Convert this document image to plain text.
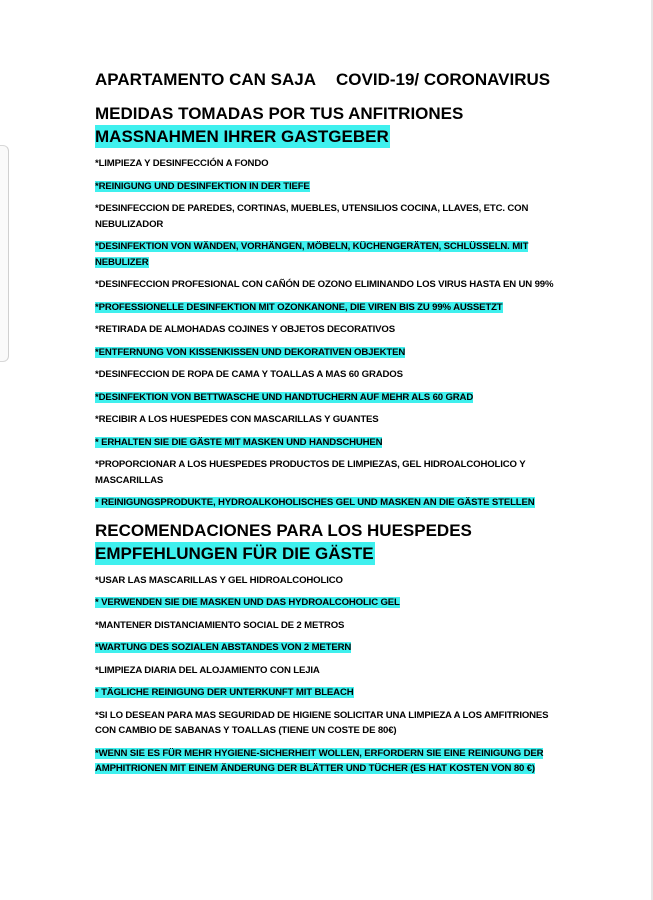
APARTAMENTO CAN SAJA COVID-19/ CORONAVIRUS

MEDIDAS TOMADAS POR TUS ANFITRIONES

MASSNAHMEN IHRER GASTGEBER

*LIMPIEZA Y DESINFECCIÓN A FONDO

*REINIGUNG UND DESINFEKTION IN DER TIEFE

*DESINFECCION DE PAREDES, CORTINAS, MUEBLES, UTENSILIOS COCINA, LLAVES, ETC. CON NEBULIZADOR

*DESINFEKTION VON WÄNDEN, VORHÄNGEN, MÖBELN, KÜCHENGERÄTEN, SCHLÜSSELN. MIT NEBULIZER

*DESINFECCION PROFESIONAL CON CAÑÓN DE OZONO ELIMINANDO LOS VIRUS HASTA EN UN 99%

*PROFESSIONELLE DESINFEKTION MIT OZONKANONE, DIE VIREN BIS ZU 99% AUSSETZT

*RETIRADA DE ALMOHADAS COJINES Y OBJETOS DECORATIVOS

*ENTFERNUNG VON KISSENKISSEN UND DEKORATIVEN OBJEKTEN

*DESINFECCION DE ROPA DE CAMA Y TOALLAS A MAS 60 GRADOS

*DESINFEKTION VON BETTWASCHE UND HANDTUCHERN AUF MEHR ALS 60 GRAD

*RECIBIR A LOS HUESPEDES CON MASCARILLAS Y GUANTES

* ERHALTEN SIE DIE GÄSTE MIT MASKEN UND HANDSCHUHEN

*PROPORCIONAR A LOS HUESPEDES PRODUCTOS DE LIMPIEZAS, GEL HIDROALCOHOLICO Y MASCARILLAS

* REINIGUNGSPRODUKTE, HYDROALKOHOLISCHES GEL UND MASKEN AN DIE GÄSTE STELLEN

RECOMENDACIONES PARA LOS HUESPEDES

EMPFEHLUNGEN FÜR DIE GÄSTE

*USAR LAS MASCARILLAS Y GEL HIDROALCOHOLICO

* VERWENDEN SIE DIE MASKEN UND DAS HYDROALCOHOLIC GEL

*MANTENER DISTANCIAMIENTO SOCIAL DE 2 METROS

*WARTUNG DES SOZIALEN ABSTANDES VON 2 METERN

*LIMPIEZA DIARIA DEL ALOJAMIENTO CON LEJIA

* TÄGLICHE REINIGUNG DER UNTERKUNFT MIT BLEACH

*SI LO DESEAN PARA MAS SEGURIDAD DE HIGIENE SOLICITAR UNA LIMPIEZA A LOS AMFITRIONES CON CAMBIO DE SABANAS Y TOALLAS (TIENE UN COSTE DE 80€)

*WENN SIE ES FÜR MEHR HYGIENE-SICHERHEIT WOLLEN, ERFORDERN SIE EINE REINIGUNG DER AMPHITRIONEN MIT EINEM ÄNDERUNG DER BLÄTTER UND TÜCHER (ES HAT KOSTEN VON 80 €)
